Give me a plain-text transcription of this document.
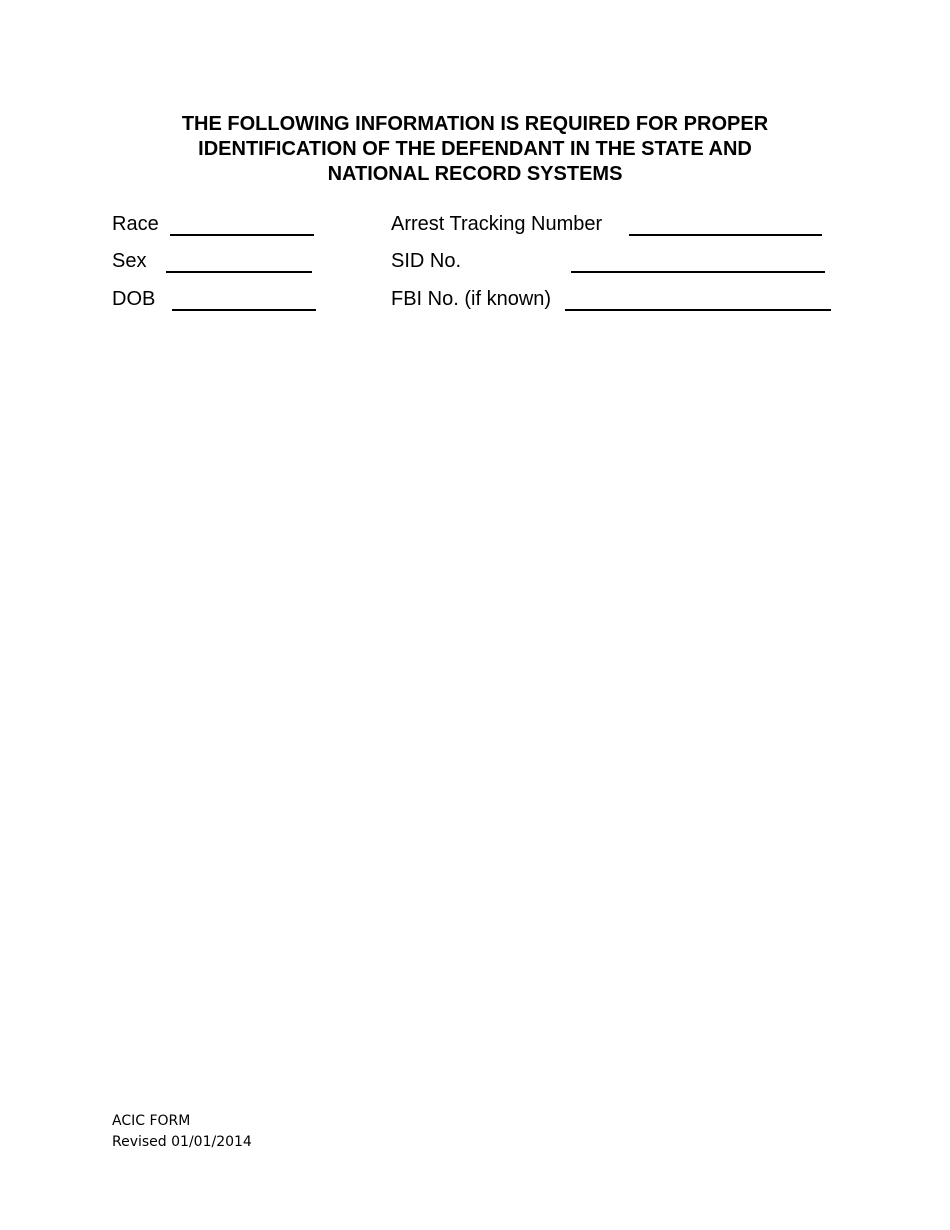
THE FOLLOWING INFORMATION IS REQUIRED FOR PROPER
IDENTIFICATION OF THE DEFENDANT IN THE STATE AND
NATIONAL RECORD SYSTEMS
Race
Sex
DOB
Arrest Tracking Number
SID No.
FBI No. (if known)
ACIC FORM
Revised 01/01/2014
